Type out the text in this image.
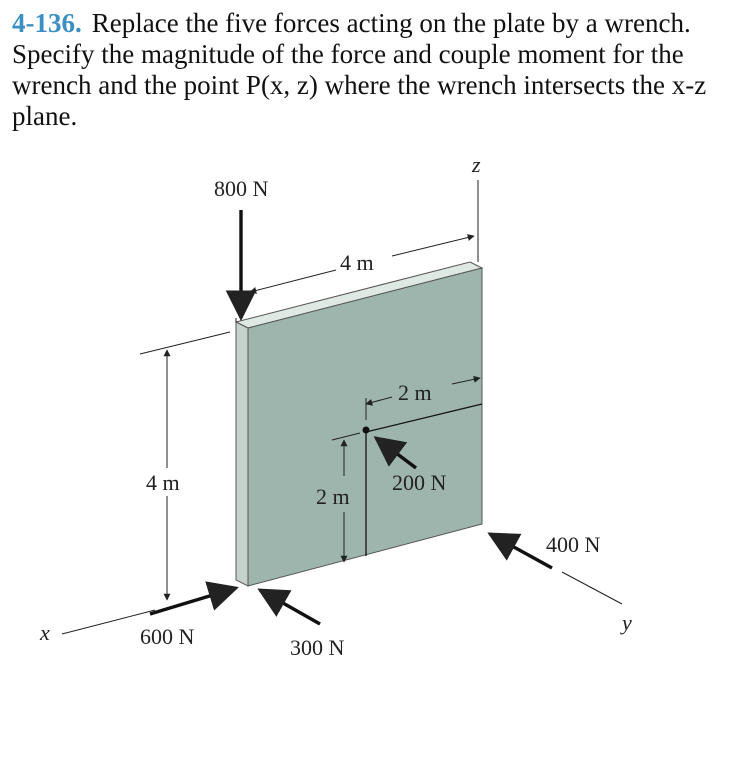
4-136. Replace the five forces acting on the plate by a wrench. Specify the magnitude of the force and couple moment for the wrench and the point P(x, z) where the wrench intersects the x-z plane.
800 N
600 N	300 N
200 N
400 N
4 m
4 m
2 m
2 m
z
x	y
